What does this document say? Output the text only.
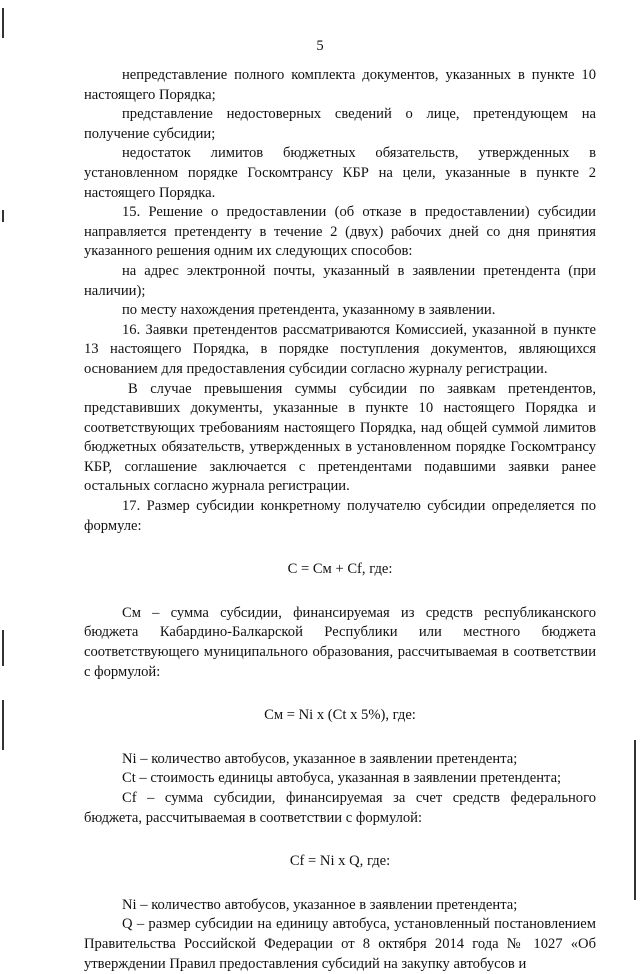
5

непредставление полного комплекта документов, указанных в пункте 10 настоящего Порядка;

представление недостоверных сведений о лице, претендующем на получение субсидии;

недостаток лимитов бюджетных обязательств, утвержденных в установленном порядке Госкомтрансу КБР на цели, указанные в пункте 2 настоящего Порядка.

15. Решение о предоставлении (об отказе в предоставлении) субсидии направляется претенденту в течение 2 (двух) рабочих дней со дня принятия указанного решения одним их следующих способов:

на адрес электронной почты, указанный в заявлении претендента (при наличии);

по месту нахождения претендента, указанному в заявлении.

16. Заявки претендентов рассматриваются Комиссией, указанной в пункте 13 настоящего Порядка, в порядке поступления документов, являющихся основанием для предоставления субсидии согласно журналу регистрации.

В случае превышения суммы субсидии по заявкам претендентов, представивших документы, указанные в пункте 10 настоящего Порядка и соответствующих требованиям настоящего Порядка, над общей суммой лимитов бюджетных обязательств, утвержденных в установленном порядке Госкомтрансу КБР, соглашение заключается с претендентами подавшими заявки ранее остальных согласно журнала регистрации.

17. Размер субсидии конкретному получателю субсидии определяется по формуле:

С = См + Cf, где:

См – сумма субсидии, финансируемая из средств республиканского бюджета Кабардино-Балкарской Республики или местного бюджета соответствующего муниципального образования, рассчитываемая в соответствии с формулой:

См = Ni х (Ct х 5%), где:

Ni – количество автобусов, указанное в заявлении претендента;

Ct – стоимость единицы автобуса, указанная в заявлении претендента;

Cf – сумма субсидии, финансируемая за счет средств федерального бюджета, рассчитываемая в соответствии с формулой:

Cf = Ni х Q, где:

Ni – количество автобусов, указанное в заявлении претендента;

Q – размер субсидии на единицу автобуса, установленный постановлением Правительства Российской Федерации от 8 октября 2014 года № 1027 «Об утверждении Правил предоставления субсидий на закупку автобусов и
